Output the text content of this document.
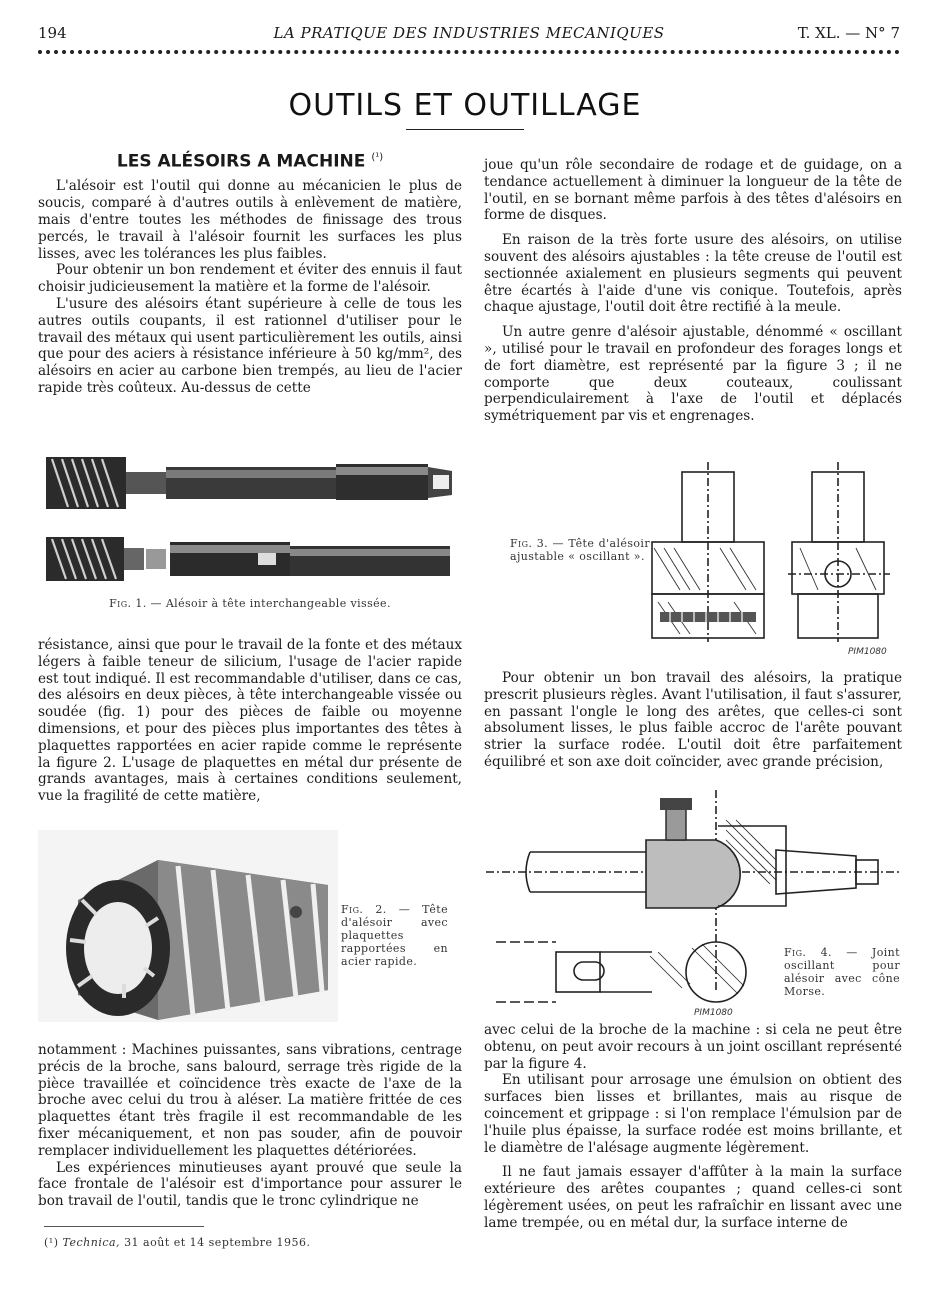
194	LA PRATIQUE DES INDUSTRIES MECANIQUES	T. XL. — N° 7
OUTILS ET OUTILLAGE
LES ALÉSOIRS A MACHINE $^{(^1)}$

L'alésoir est l'outil qui donne au mécanicien le plus de soucis, comparé à d'autres outils à enlèvement de matière, mais d'entre toutes les méthodes de finissage des trous percés, le travail à l'alésoir fournit les surfaces les plus lisses, avec les tolérances les plus faibles.

Pour obtenir un bon rendement et éviter des ennuis il faut choisir judicieusement la matière et la forme de l'alésoir.

L'usure des alésoirs étant supérieure à celle de tous les autres outils coupants, il est rationnel d'utiliser pour le travail des métaux qui usent particulièrement les outils, ainsi que pour des aciers à résistance inférieure à 50 kg/mm², des alésoirs en acier au carbone bien trempés, au lieu de l'acier rapide très coûteux. Au-dessus de cette

Fig. 1. — Alésoir à tête interchangeable vissée.

résistance, ainsi que pour le travail de la fonte et des métaux légers à faible teneur de silicium, l'usage de l'acier rapide est tout indiqué. Il est recommandable d'utiliser, dans ce cas, des alésoirs en deux pièces, à tête interchangeable vissée ou soudée (fig. 1) pour des pièces de faible ou moyenne dimensions, et pour des pièces plus importantes des têtes à plaquettes rapportées en acier rapide comme le représente la figure 2. L'usage de plaquettes en métal dur présente de grands avantages, mais à certaines conditions seulement, vue la fragilité de cette matière,

Fig. 2. — Tête d'alésoir avec plaquettes rapportées en acier rapide.

notamment : Machines puissantes, sans vibrations, centrage précis de la broche, sans balourd, serrage très rigide de la pièce travaillée et coïncidence très exacte de l'axe de la broche avec celui du trou à aléser. La matière frittée de ces plaquettes étant très fragile il est recommandable de les fixer mécaniquement, et non pas souder, afin de pouvoir remplacer individuellement les plaquettes détériorées.

Les expériences minutieuses ayant prouvé que seule la face frontale de l'alésoir est d'importance pour assurer le bon travail de l'outil, tandis que le tronc cylindrique ne

(¹) Technica, 31 août et 14 septembre 1956.

joue qu'un rôle secondaire de rodage et de guidage, on a tendance actuellement à diminuer la longueur de la tête de l'outil, en se bornant même parfois à des têtes d'alésoirs en forme de disques.

En raison de la très forte usure des alésoirs, on utilise souvent des alésoirs ajustables : la tête creuse de l'outil est sectionnée axialement en plusieurs segments qui peuvent être écartés à l'aide d'une vis conique. Toutefois, après chaque ajustage, l'outil doit être rectifié à la meule.

Un autre genre d'alésoir ajustable, dénommé « oscillant », utilisé pour le travail en profondeur des forages longs et de fort diamètre, est représenté par la figure 3 ; il ne comporte que deux couteaux, coulissant perpendiculairement à l'axe de l'outil et déplacés symétriquement par vis et engrenages.

Fig. 3. — Tête d'alésoir ajustable « oscillant ».
PIM1080

Pour obtenir un bon travail des alésoirs, la pratique prescrit plusieurs règles. Avant l'utilisation, il faut s'assurer, en passant l'ongle le long des arêtes, que celles-ci sont absolument lisses, le plus faible accroc de l'arête pouvant strier la surface rodée. L'outil doit être parfaitement équilibré et son axe doit coïncider, avec grande précision,

PIM1080
Fig. 4. — Joint oscillant pour alésoir avec cône Morse.

avec celui de la broche de la machine : si cela ne peut être obtenu, on peut avoir recours à un joint oscillant représenté par la figure 4.

En utilisant pour arrosage une émulsion on obtient des surfaces bien lisses et brillantes, mais au risque de coincement et grippage : si l'on remplace l'émulsion par de l'huile plus épaisse, la surface rodée est moins brillante, et le diamètre de l'alésage augmente légèrement.

Il ne faut jamais essayer d'affûter à la main la surface extérieure des arêtes coupantes ; quand celles-ci sont légèrement usées, on peut les rafraîchir en lissant avec une lame trempée, ou en métal dur, la surface interne de
